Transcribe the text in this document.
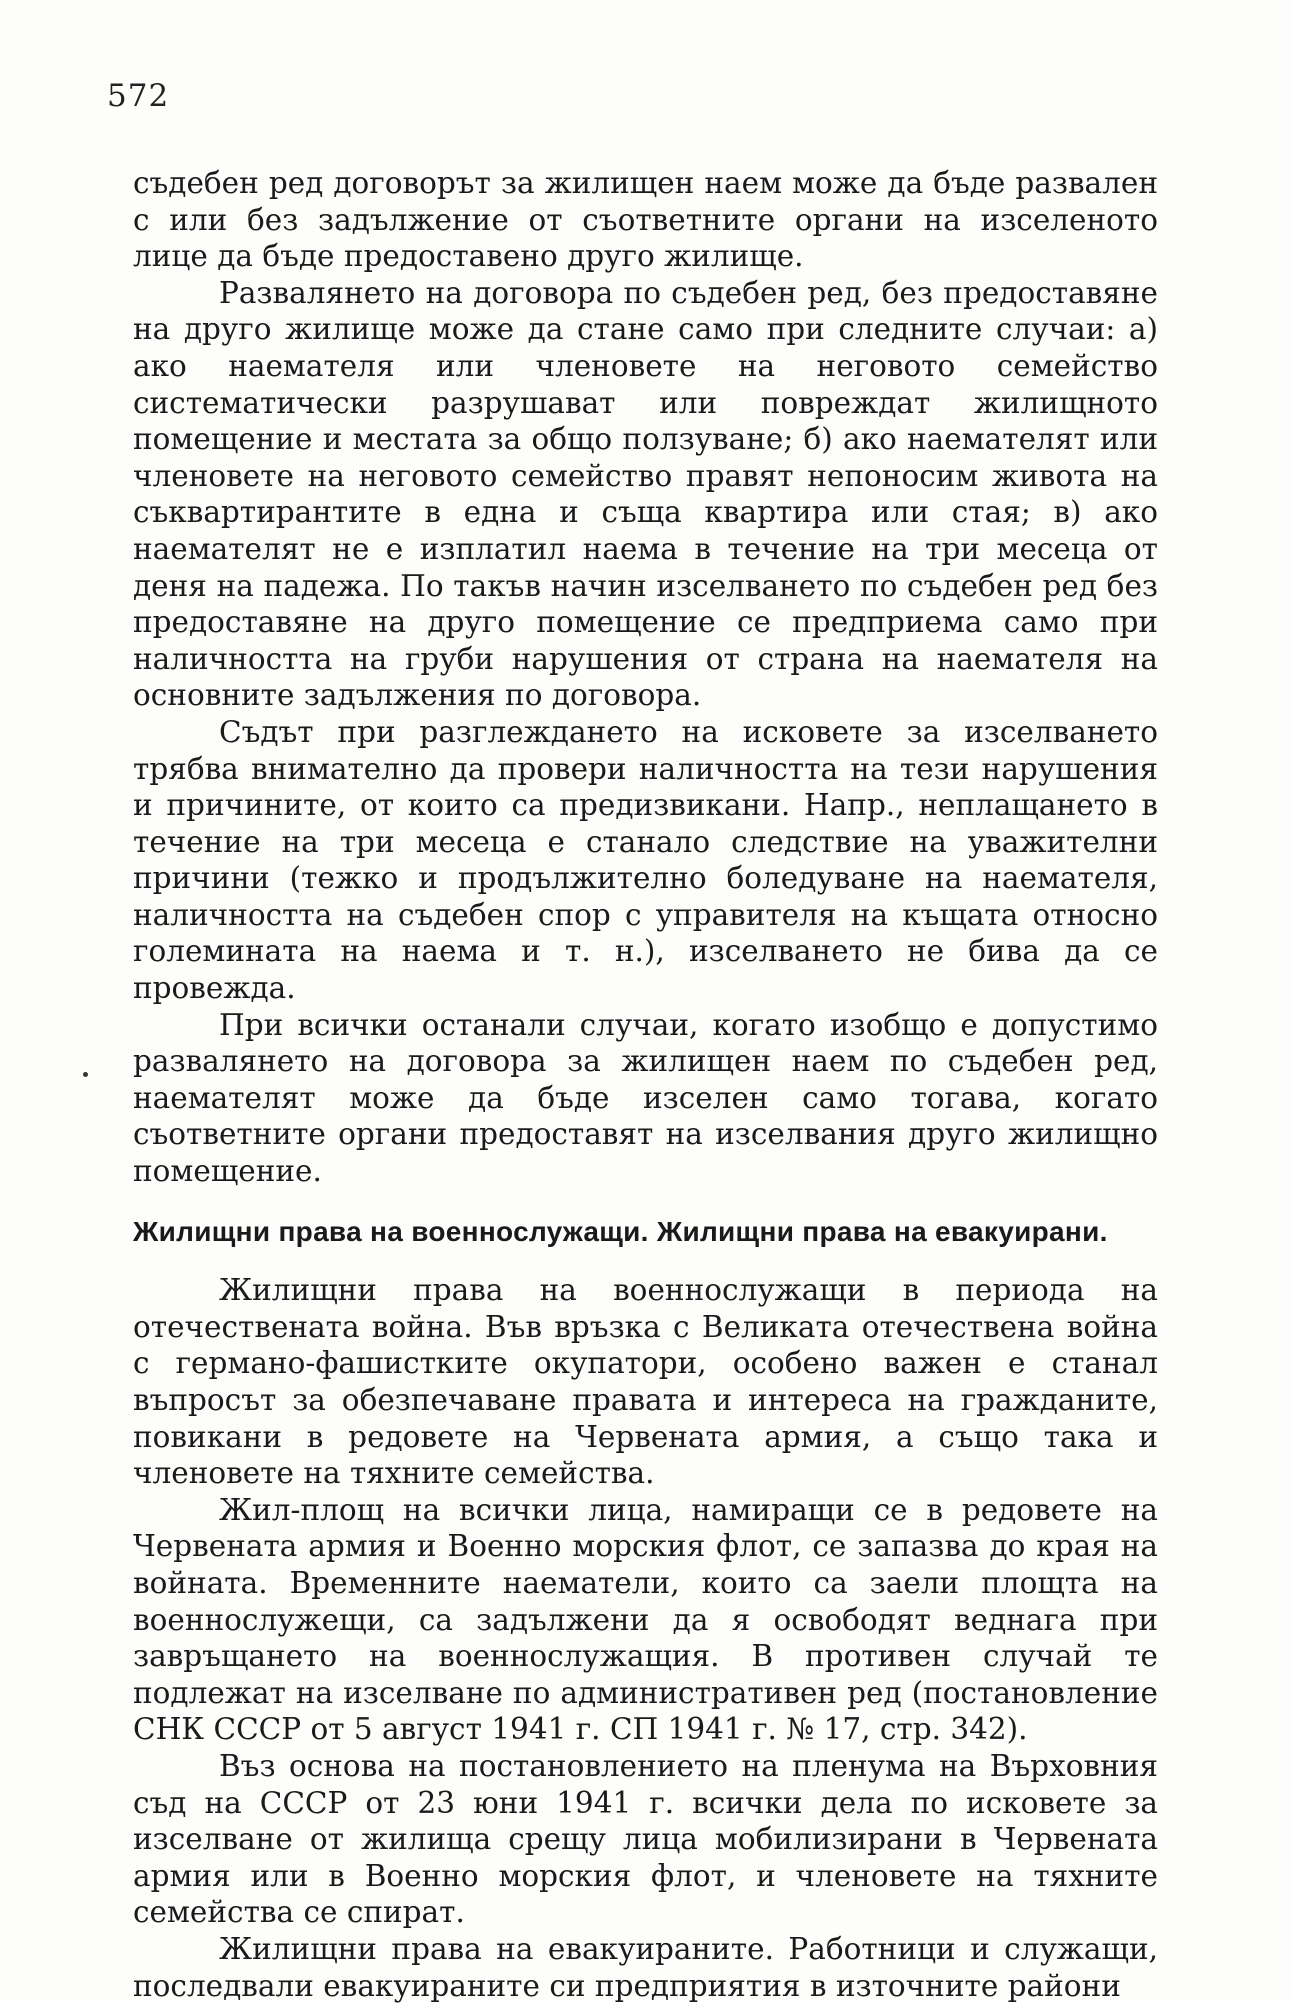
572

съдебен ред договорът за жилищен наем може да бъде развален с или без задължение от съответните органи на изселеното лице да бъде предоставено друго жилище.

Развалянето на договора по съдебен ред, без предоставяне на друго жилище може да стане само при следните случаи: а) ако наемателя или членовете на неговото семейство систематически разрушават или повреждат жилищното помещение и местата за общо ползуване; б) ако наемателят или членовете на неговото семейство правят непоносим живота на съквартирантите в една и съща квартира или стая; в) ако наемателят не е изплатил наема в течение на три месеца от деня на падежа. По такъв начин изселването по съдебен ред без предоставяне на друго помещение се предприема само при наличността на груби нарушения от страна на наемателя на основните задължения по договора.

Съдът при разглеждането на исковете за изселването трябва внимателно да провери наличността на тези нарушения и причините, от които са предизвикани. Напр., неплащането в течение на три месеца е станало следствие на уважителни причини (тежко и продължително боледуване на наемателя, наличността на съдебен спор с управителя на къщата относно големината на наема и т. н.), изселването не бива да се провежда.

При всички останали случаи, когато изобщо е допустимо развалянето на договора за жилищен наем по съдебен ред, наемателят може да бъде изселен само тогава, когато съответните органи предоставят на изселвания друго жилищно помещение.

Жилищни права на военнослужащи. Жилищни права на евакуирани.

Жилищни права на военнослужащи в периода на отечествената война. Във връзка с Великата отечествена война с германо-фашистките окупатори, особено важен е станал въпросът за обезпечаване правата и интереса на гражданите, повикани в редовете на Червената армия, а също така и членовете на тяхните семейства.

Жил-площ на всички лица, намиращи се в редовете на Червената армия и Военно морския флот, се запазва до края на войната. Временните наематели, които са заели площта на военнослужещи, са задължени да я освободят веднага при завръщането на военнослужащия. В противен случай те подлежат на изселване по административен ред (постановление СНК СССР от 5 август 1941 г. СП 1941 г. № 17, стр. 342).

Въз основа на постановлението на пленума на Върховния съд на СССР от 23 юни 1941 г. всички дела по исковете за изселване от жилища срещу лица мобилизирани в Червената армия или в Военно морския флот, и членовете на тяхните семейства се спират.

Жилищни права на евакуираните. Работници и служащи, последвали евакуираните си предприятия в източните райони
